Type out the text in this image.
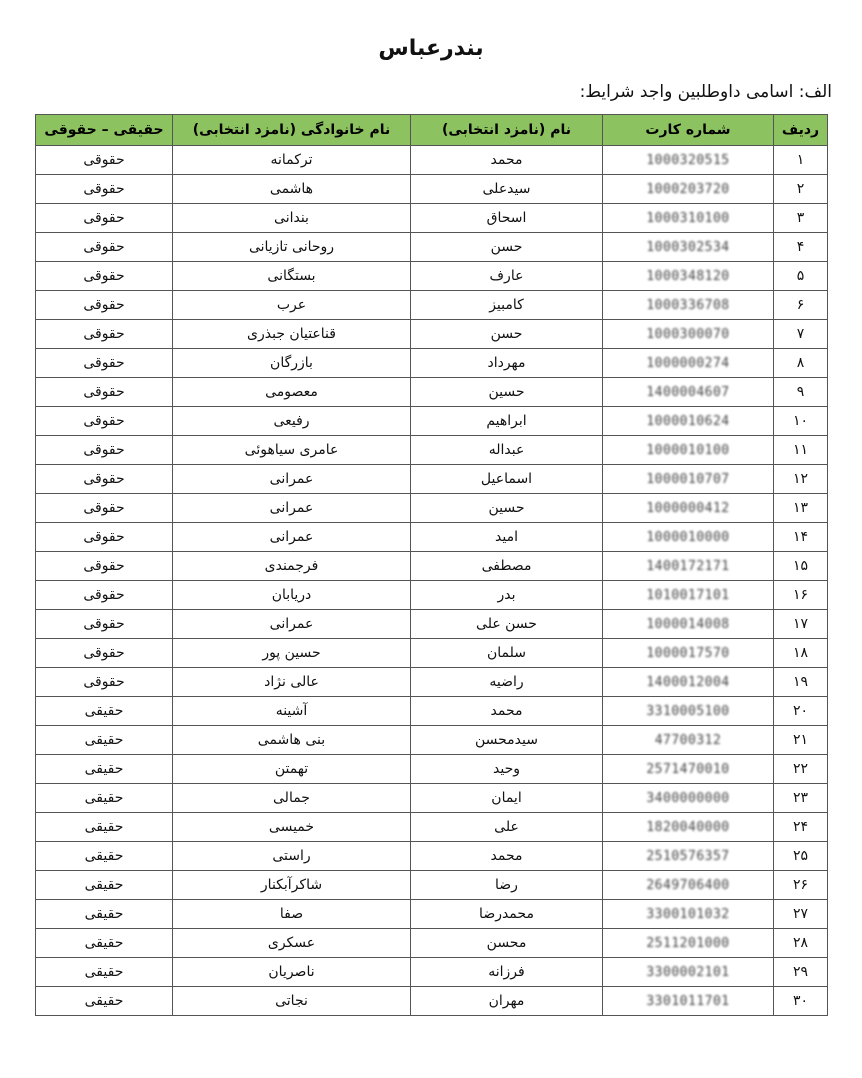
بندرعباس
الف: اسامی داوطلبین واجد شرایط:
ردیف	شماره کارت	نام (نامزد انتخابی)	نام خانوادگی (نامزد انتخابی)	حقیقی – حقوقی
۱	1000320515	محمد	ترکمانه	حقوقی
۲	1000203720	سیدعلی	هاشمی	حقوقی
۳	1000310100	اسحاق	بندانی	حقوقی
۴	1000302534	حسن	روحانی تازیانی	حقوقی
۵	1000348120	عارف	بستگانی	حقوقی
۶	1000336708	کامبیز	عرب	حقوقی
۷	1000300070	حسن	قناعتیان جبذری	حقوقی
۸	1000000274	مهرداد	بازرگان	حقوقی
۹	1400004607	حسین	معصومی	حقوقی
۱۰	1000010624	ابراهیم	رفیعی	حقوقی
۱۱	1000010100	عبداله	عامری سیاهوئی	حقوقی
۱۲	1000010707	اسماعیل	عمرانی	حقوقی
۱۳	1000000412	حسین	عمرانی	حقوقی
۱۴	1000010000	امید	عمرانی	حقوقی
۱۵	1400172171	مصطفی	فرجمندی	حقوقی
۱۶	1010017101	بدر	دریابان	حقوقی
۱۷	1000014008	حسن علی	عمرانی	حقوقی
۱۸	1000017570	سلمان	حسین پور	حقوقی
۱۹	1400012004	راضیه	عالی نژاد	حقوقی
۲۰	3310005100	محمد	آشینه	حقیقی
۲۱	47700312	سیدمحسن	بنی هاشمی	حقیقی
۲۲	2571470010	وحید	تهمتن	حقیقی
۲۳	3400000000	ایمان	جمالی	حقیقی
۲۴	1820040000	علی	خمیسی	حقیقی
۲۵	2510576357	محمد	راستی	حقیقی
۲۶	2649706400	رضا	شاکرآبکنار	حقیقی
۲۷	3300101032	محمدرضا	صفا	حقیقی
۲۸	2511201000	محسن	عسکری	حقیقی
۲۹	3300002101	فرزانه	ناصریان	حقیقی
۳۰	3301011701	مهران	نجاتی	حقیقی
